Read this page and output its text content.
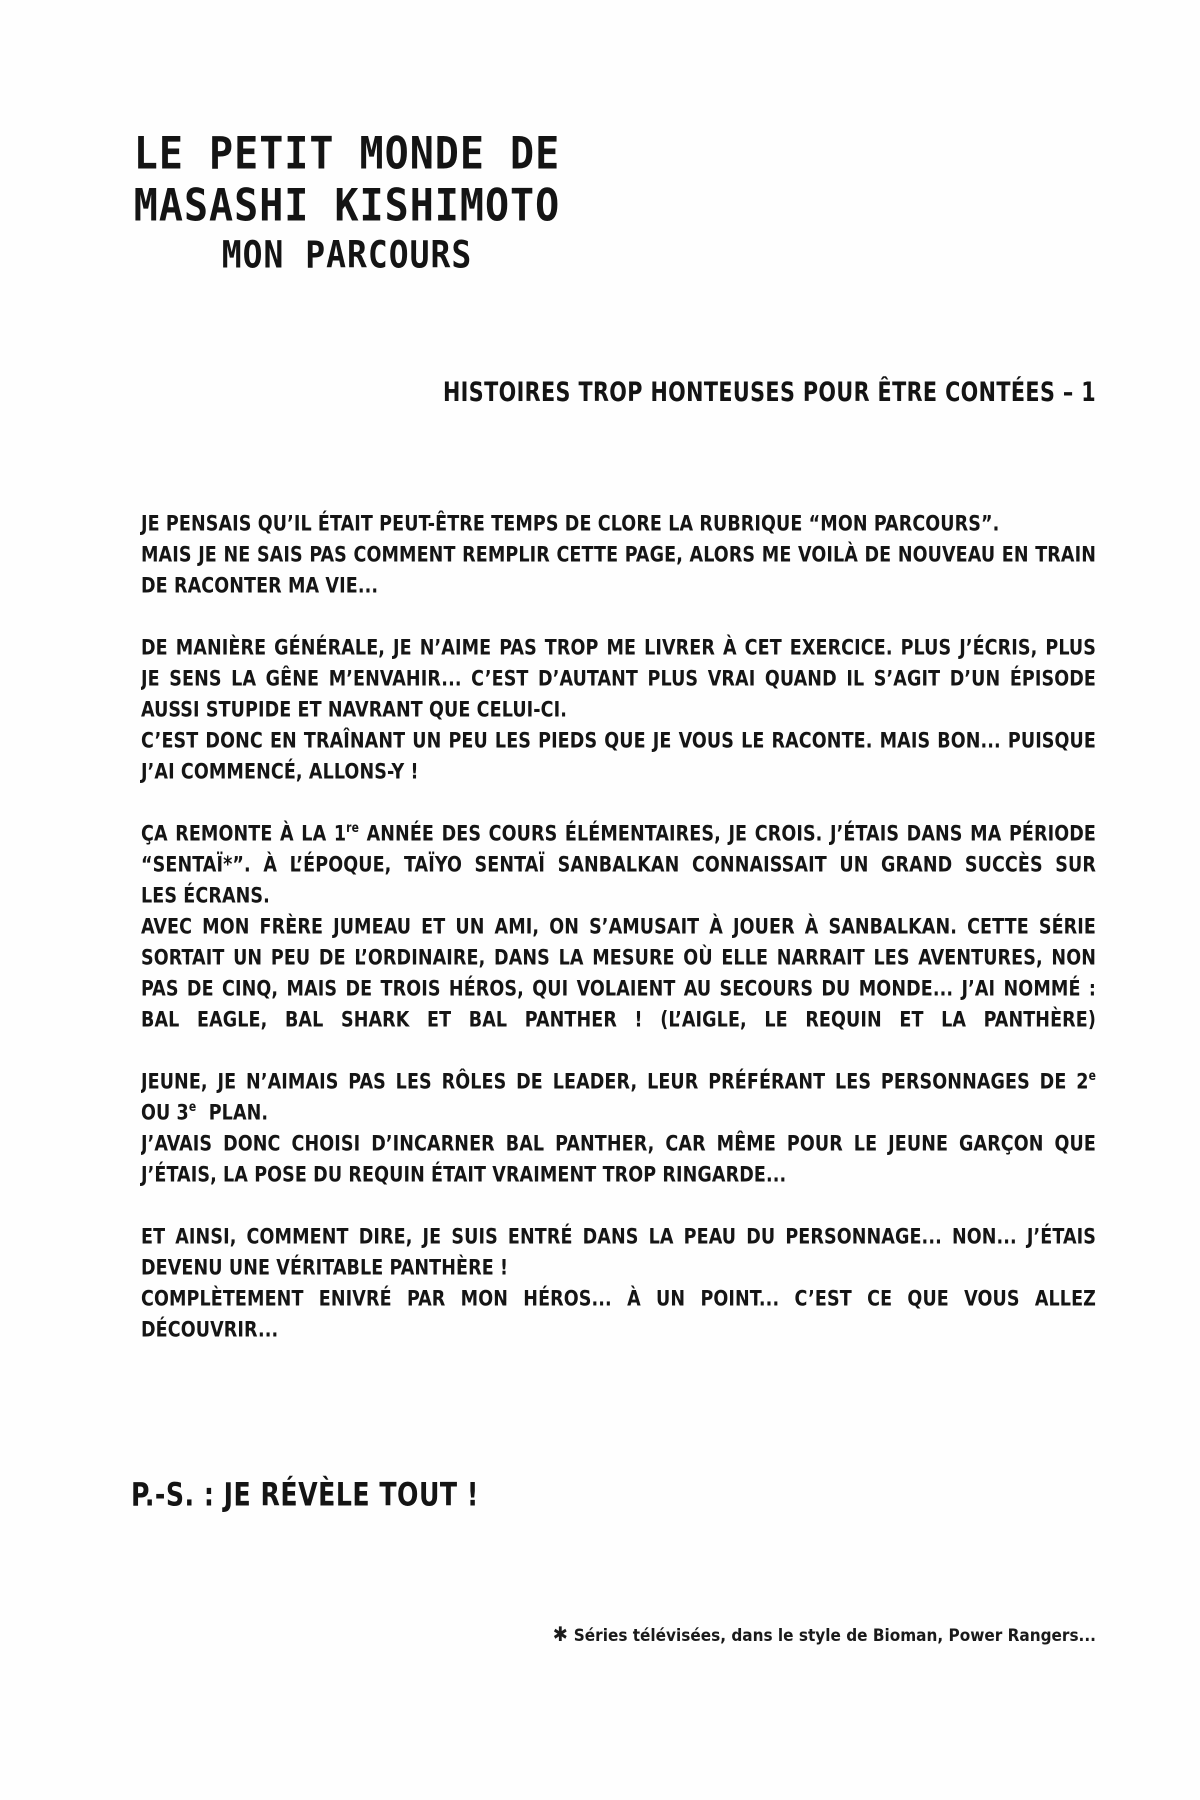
LE PETIT MONDE DE
MASASHI KISHIMOTO
MON PARCOURS
HISTOIRES TROP HONTEUSES POUR ÊTRE CONTÉES – 1
JE PENSAIS QU’IL ÉTAIT PEUT-ÊTRE TEMPS DE CLORE LA RUBRIQUE “MON PARCOURS”.
MAIS JE NE SAIS PAS COMMENT REMPLIR CETTE PAGE, ALORS ME VOILÀ DE NOUVEAU EN TRAIN
DE RACONTER MA VIE...
DE MANIÈRE GÉNÉRALE, JE N’AIME PAS TROP ME LIVRER À CET EXERCICE. PLUS J’ÉCRIS, PLUS
JE SENS LA GÊNE M’ENVAHIR... C’EST D’AUTANT PLUS VRAI QUAND IL S’AGIT D’UN ÉPISODE
AUSSI STUPIDE ET NAVRANT QUE CELUI-CI.
C’EST DONC EN TRAÎNANT UN PEU LES PIEDS QUE JE VOUS LE RACONTE. MAIS BON... PUISQUE
J’AI COMMENCÉ, ALLONS-Y !
ÇA REMONTE À LA 1re ANNÉE DES COURS ÉLÉMENTAIRES, JE CROIS. J’ÉTAIS DANS MA PÉRIODE
“SENTAÏ*”. À L’ÉPOQUE, TAÏYO SENTAÏ SANBALKAN CONNAISSAIT UN GRAND SUCCÈS SUR
LES ÉCRANS.
AVEC MON FRÈRE JUMEAU ET UN AMI, ON S’AMUSAIT À JOUER À SANBALKAN. CETTE SÉRIE
SORTAIT UN PEU DE L’ORDINAIRE, DANS LA MESURE OÙ ELLE NARRAIT LES AVENTURES, NON
PAS DE CINQ, MAIS DE TROIS HÉROS, QUI VOLAIENT AU SECOURS DU MONDE... J’AI NOMMÉ :
BAL EAGLE, BAL SHARK ET BAL PANTHER ! (L’AIGLE, LE REQUIN ET LA PANTHÈRE)
JEUNE, JE N’AIMAIS PAS LES RÔLES DE LEADER, LEUR PRÉFÉRANT LES PERSONNAGES DE 2e
OU 3e  PLAN.
J’AVAIS DONC CHOISI D’INCARNER BAL PANTHER, CAR MÊME POUR LE JEUNE GARÇON QUE
J’ÉTAIS, LA POSE DU REQUIN ÉTAIT VRAIMENT TROP RINGARDE...
ET AINSI, COMMENT DIRE, JE SUIS ENTRÉ DANS LA PEAU DU PERSONNAGE... NON... J’ÉTAIS
DEVENU UNE VÉRITABLE PANTHÈRE !
COMPLÈTEMENT ENIVRÉ PAR MON HÉROS... À UN POINT... C’EST CE QUE VOUS ALLEZ
DÉCOUVRIR...
P.-S. : JE RÉVÈLE TOUT !
✱ Séries télévisées, dans le style de Bioman, Power Rangers...
